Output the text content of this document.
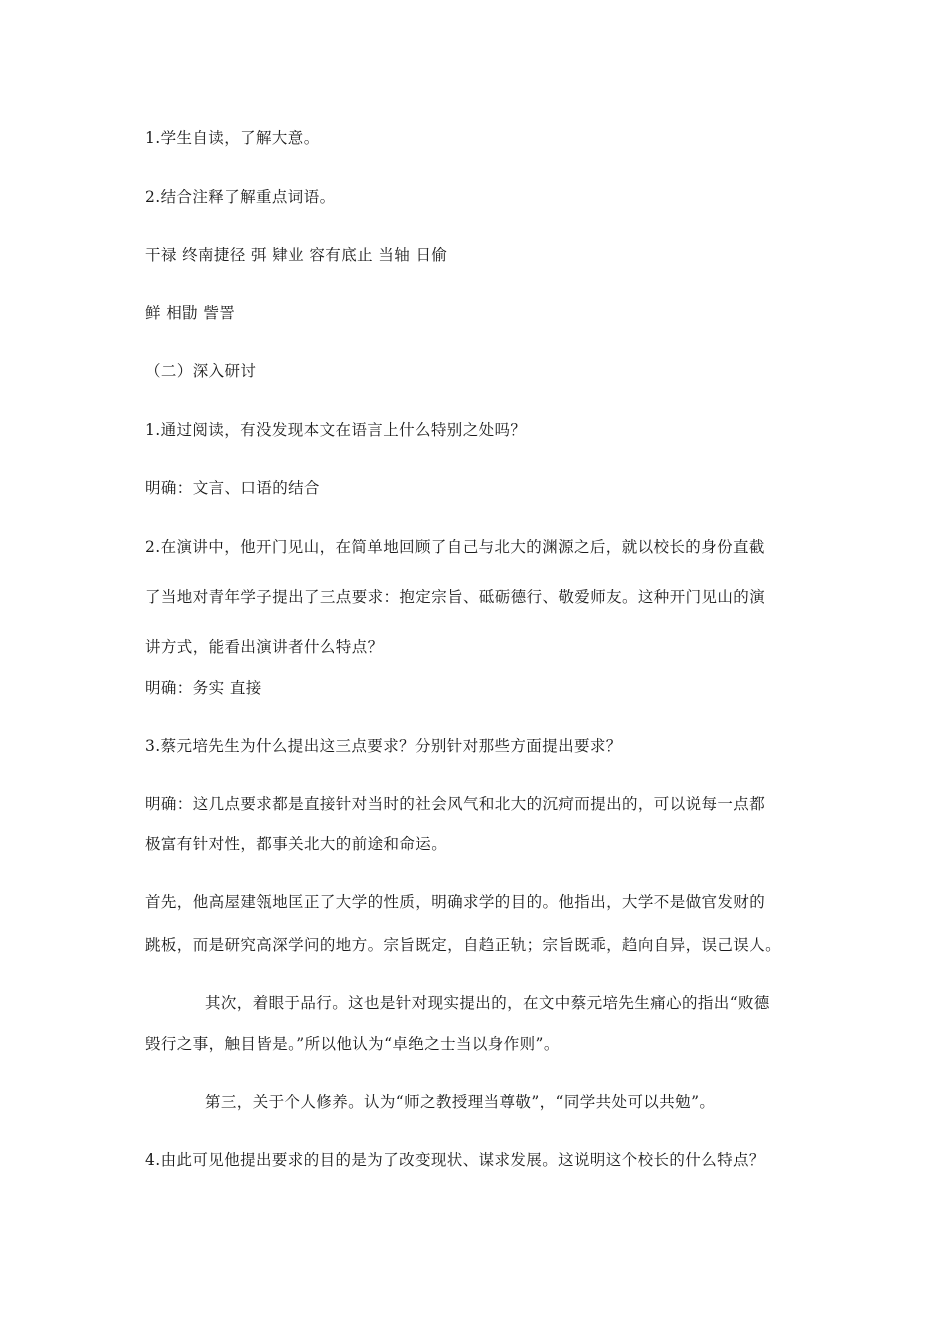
1.学生自读，了解大意。
2.结合注释了解重点词语。
干禄 终南捷径 弭 肄业 容有底止 当轴 日偷
鲜 相勖 訾詈
（二）深入研讨
1.通过阅读，有没发现本文在语言上什么特别之处吗？
明确：文言、口语的结合
2.在演讲中，他开门见山，在简单地回顾了自己与北大的渊源之后，就以校长的身份直截
了当地对青年学子提出了三点要求：抱定宗旨、砥砺德行、敬爱师友。这种开门见山的演
讲方式，能看出演讲者什么特点？
明确：务实 直接
3.蔡元培先生为什么提出这三点要求？分别针对那些方面提出要求？
明确：这几点要求都是直接针对当时的社会风气和北大的沉疴而提出的，可以说每一点都
极富有针对性，都事关北大的前途和命运。
首先，他高屋建瓴地匡正了大学的性质，明确求学的目的。他指出，大学不是做官发财的
跳板，而是研究高深学问的地方。宗旨既定，自趋正轨；宗旨既乖，趋向自异，误己误人。
其次，着眼于品行。这也是针对现实提出的，在文中蔡元培先生痛心的指出“败德
毁行之事，触目皆是。”所以他认为“卓绝之士当以身作则”。
第三，关于个人修养。认为“师之教授理当尊敬”，“同学共处可以共勉”。
4.由此可见他提出要求的目的是为了改变现状、谋求发展。这说明这个校长的什么特点？
